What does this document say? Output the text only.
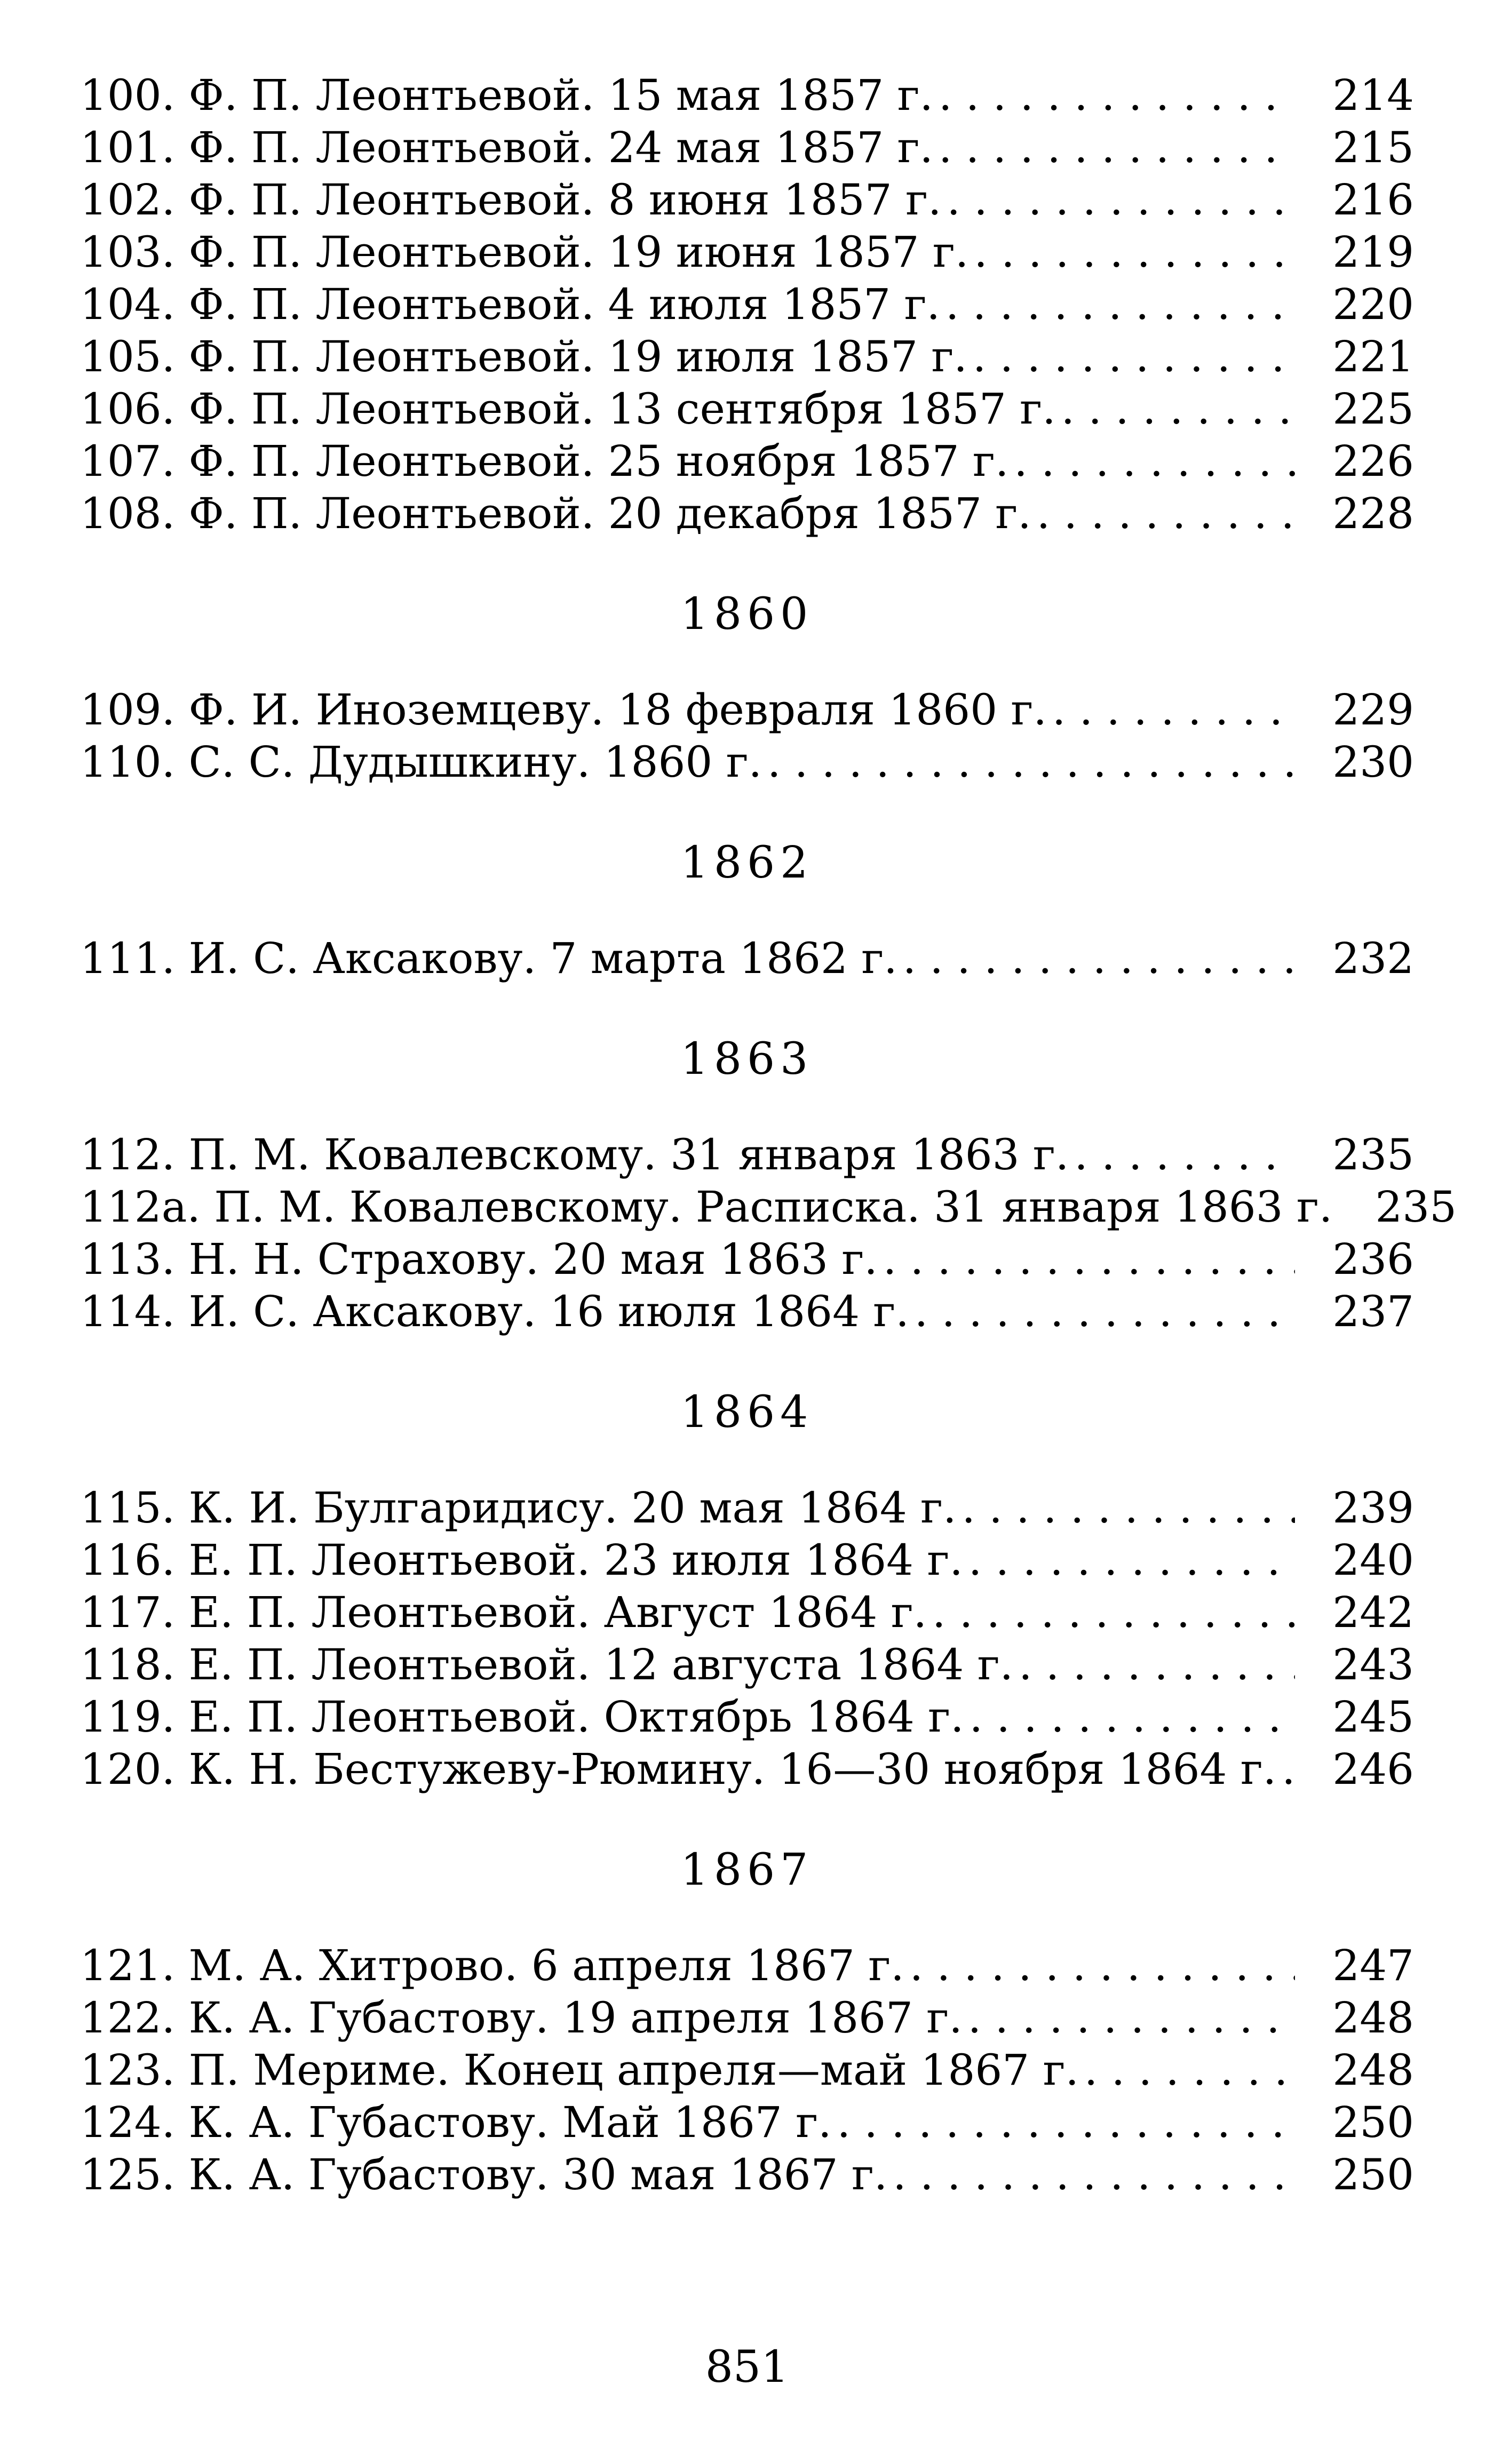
100. Ф. П. Леонтьевой. 15 мая 1857 г. . . .	214
101. Ф. П. Леонтьевой. 24 мая 1857 г. . . .	215
102. Ф. П. Леонтьевой. 8 июня 1857 г. . . .	216
103. Ф. П. Леонтьевой. 19 июня 1857 г. . . .	219
104. Ф. П. Леонтьевой. 4 июля 1857 г. . . .	220
105. Ф. П. Леонтьевой. 19 июля 1857 г. . . .	221
106. Ф. П. Леонтьевой. 13 сентября 1857 г. . . .	225
107. Ф. П. Леонтьевой. 25 ноября 1857 г. . . .	226
108. Ф. П. Леонтьевой. 20 декабря 1857 г. . . .	228
1860
109. Ф. И. Иноземцеву. 18 февраля 1860 г. . . .	229
110. С. С. Дудышкину. 1860 г. . . .	230
1862
111. И. С. Аксакову. 7 марта 1862 г. . . .	232
1863
112. П. М. Ковалевскому. 31 января 1863 г. . . .	235
112а. П. М. Ковалевскому. Расписка. 31 января 1863 г. . . . 235
113. Н. Н. Страхову. 20 мая 1863 г. . . .	236
114. И. С. Аксакову. 16 июля 1864 г. . . .	237
1864
115. К. И. Булгаридису. 20 мая 1864 г. . . .	239
116. Е. П. Леонтьевой. 23 июля 1864 г. . . .	240
117. Е. П. Леонтьевой. Август 1864 г. . . .	242
118. Е. П. Леонтьевой. 12 августа 1864 г. . . .	243
119. Е. П. Леонтьевой. Октябрь 1864 г. . . .	245
120. К. Н. Бестужеву-Рюмину. 16—30 ноября 1864 г. . . . 246
1867
121. М. А. Хитрово. 6 апреля 1867 г. . . .	247
122. К. А. Губастову. 19 апреля 1867 г. . . .	248
123. П. Мериме. Конец апреля—май 1867 г. . . .	248
124. К. А. Губастову. Май 1867 г. . . .	250
125. К. А. Губастову. 30 мая 1867 г. . . .	250
851
